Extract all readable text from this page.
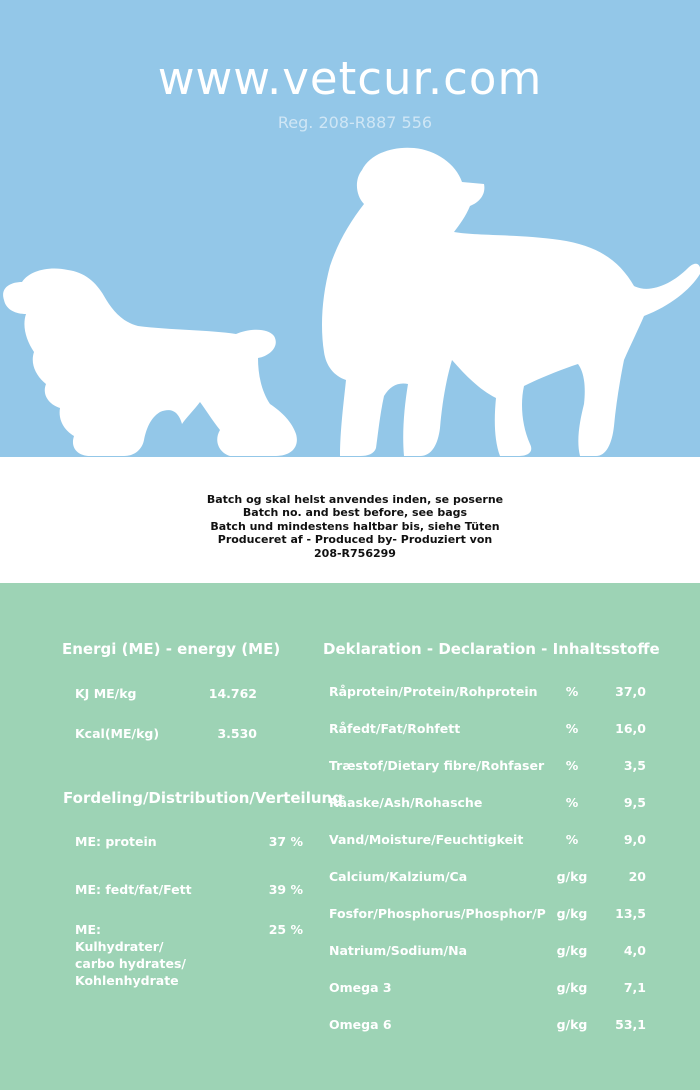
www.vetcur.com
Reg. 208-R887 556
Batch og skal helst anvendes inden, se poserne
Batch no. and best before, see bags
Batch und mindestens haltbar bis, siehe Tüten
Produceret af - Produced by- Produziert von
208-R756299
Energi (ME) - energy (ME)
KJ ME/kg	14.762
Kcal(ME/kg)	3.530
Fordeling/Distribution/Verteilung
ME: protein	37 %
ME: fedt/fat/Fett	39 %
ME:
Kulhydrater/
carbo hydrates/
Kohlenhydrate
25 %
Deklaration - Declaration - Inhaltsstoffe
Råprotein/Protein/Rohprotein	%	37,0
Råfedt/Fat/Rohfett	%	16,0
Træstof/Dietary fibre/Rohfaser	%	3,5
Råaske/Ash/Rohasche	%	9,5
Vand/Moisture/Feuchtigkeit	%	9,0
Calcium/Kalzium/Ca	g/kg	20
Fosfor/Phosphorus/Phosphor/P g/kg	13,5
Natrium/Sodium/Na	g/kg	4,0
Omega 3	g/kg	7,1
Omega 6	g/kg	53,1
